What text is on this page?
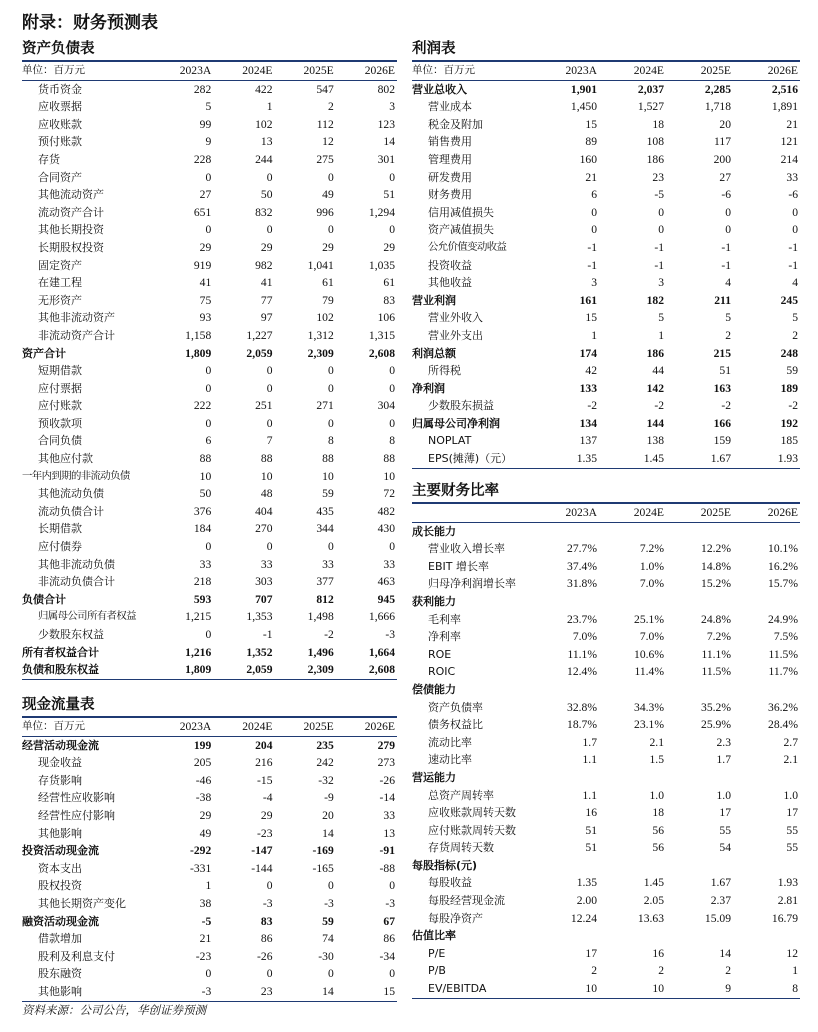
附录：财务预测表
资产负债表
单位：百万元	2023A	2024E	2025E	2026E
货币资金	282	422	547	802
应收票据	5	1	2	3
应收账款	99	102	112	123
预付账款	9	13	12	14
存货	228	244	275	301
合同资产	0	0	0	0
其他流动资产	27	50	49	51
流动资产合计	651	832	996	1,294
其他长期投资	0	0	0	0
长期股权投资	29	29	29	29
固定资产	919	982	1,041	1,035
在建工程	41	41	61	61
无形资产	75	77	79	83
其他非流动资产	93	97	102	106
非流动资产合计	1,158	1,227	1,312	1,315
资产合计	1,809	2,059	2,309	2,608
短期借款	0	0	0	0
应付票据	0	0	0	0
应付账款	222	251	271	304
预收款项	0	0	0	0
合同负债	6	7	8	8
其他应付款	88	88	88	88
一年内到期的非流动负债	10	10	10	10
其他流动负债	50	48	59	72
流动负债合计	376	404	435	482
长期借款	184	270	344	430
应付债券	0	0	0	0
其他非流动负债	33	33	33	33
非流动负债合计	218	303	377	463
负债合计	593	707	812	945
归属母公司所有者权益	1,215	1,353	1,498	1,666
少数股东权益	0	-1	-2	-3
所有者权益合计	1,216	1,352	1,496	1,664
负债和股东权益	1,809	2,059	2,309	2,608
现金流量表
单位：百万元	2023A	2024E	2025E	2026E
经营活动现金流	199	204	235	279
现金收益	205	216	242	273
存货影响	-46	-15	-32	-26
经营性应收影响	-38	-4	-9	-14
经营性应付影响	29	29	20	33
其他影响	49	-23	14	13
投资活动现金流	-292	-147	-169	-91
资本支出	-331	-144	-165	-88
股权投资	1	0	0	0
其他长期资产变化	38	-3	-3	-3
融资活动现金流	-5	83	59	67
借款增加	21	86	74	86
股利及利息支付	-23	-26	-30	-34
股东融资	0	0	0	0
其他影响	-3	23	14	15
利润表
单位：百万元	2023A	2024E	2025E	2026E
营业总收入	1,901	2,037	2,285	2,516
营业成本	1,450	1,527	1,718	1,891
税金及附加	15	18	20	21
销售费用	89	108	117	121
管理费用	160	186	200	214
研发费用	21	23	27	33
财务费用	6	-5	-6	-6
信用减值损失	0	0	0	0
资产减值损失	0	0	0	0
公允价值变动收益	-1	-1	-1	-1
投资收益	-1	-1	-1	-1
其他收益	3	3	4	4
营业利润	161	182	211	245
营业外收入	15	5	5	5
营业外支出	1	1	2	2
利润总额	174	186	215	248
所得税	42	44	51	59
净利润	133	142	163	189
少数股东损益	-2	-2	-2	-2
归属母公司净利润	134	144	166	192
NOPLAT	137	138	159	185
EPS(摊薄)（元）	1.35	1.45	1.67	1.93
主要财务比率
	2023A	2024E	2025E	2026E
成长能力				
营业收入增长率	27.7%	7.2%	12.2%	10.1%
EBIT 增长率	37.4%	1.0%	14.8%	16.2%
归母净利润增长率	31.8%	7.0%	15.2%	15.7%
获利能力				
毛利率	23.7%	25.1%	24.8%	24.9%
净利率	7.0%	7.0%	7.2%	7.5%
ROE	11.1%	10.6%	11.1%	11.5%
ROIC	12.4%	11.4%	11.5%	11.7%
偿债能力				
资产负债率	32.8%	34.3%	35.2%	36.2%
债务权益比	18.7%	23.1%	25.9%	28.4%
流动比率	1.7	2.1	2.3	2.7
速动比率	1.1	1.5	1.7	2.1
营运能力				
总资产周转率	1.1	1.0	1.0	1.0
应收账款周转天数	16	18	17	17
应付账款周转天数	51	56	55	55
存货周转天数	51	56	54	55
每股指标(元)				
每股收益	1.35	1.45	1.67	1.93
每股经营现金流	2.00	2.05	2.37	2.81
每股净资产	12.24	13.63	15.09	16.79
估值比率				
P/E	17	16	14	12
P/B	2	2	2	1
EV/EBITDA	10	10	9	8
资料来源：公司公告，华创证券预测
